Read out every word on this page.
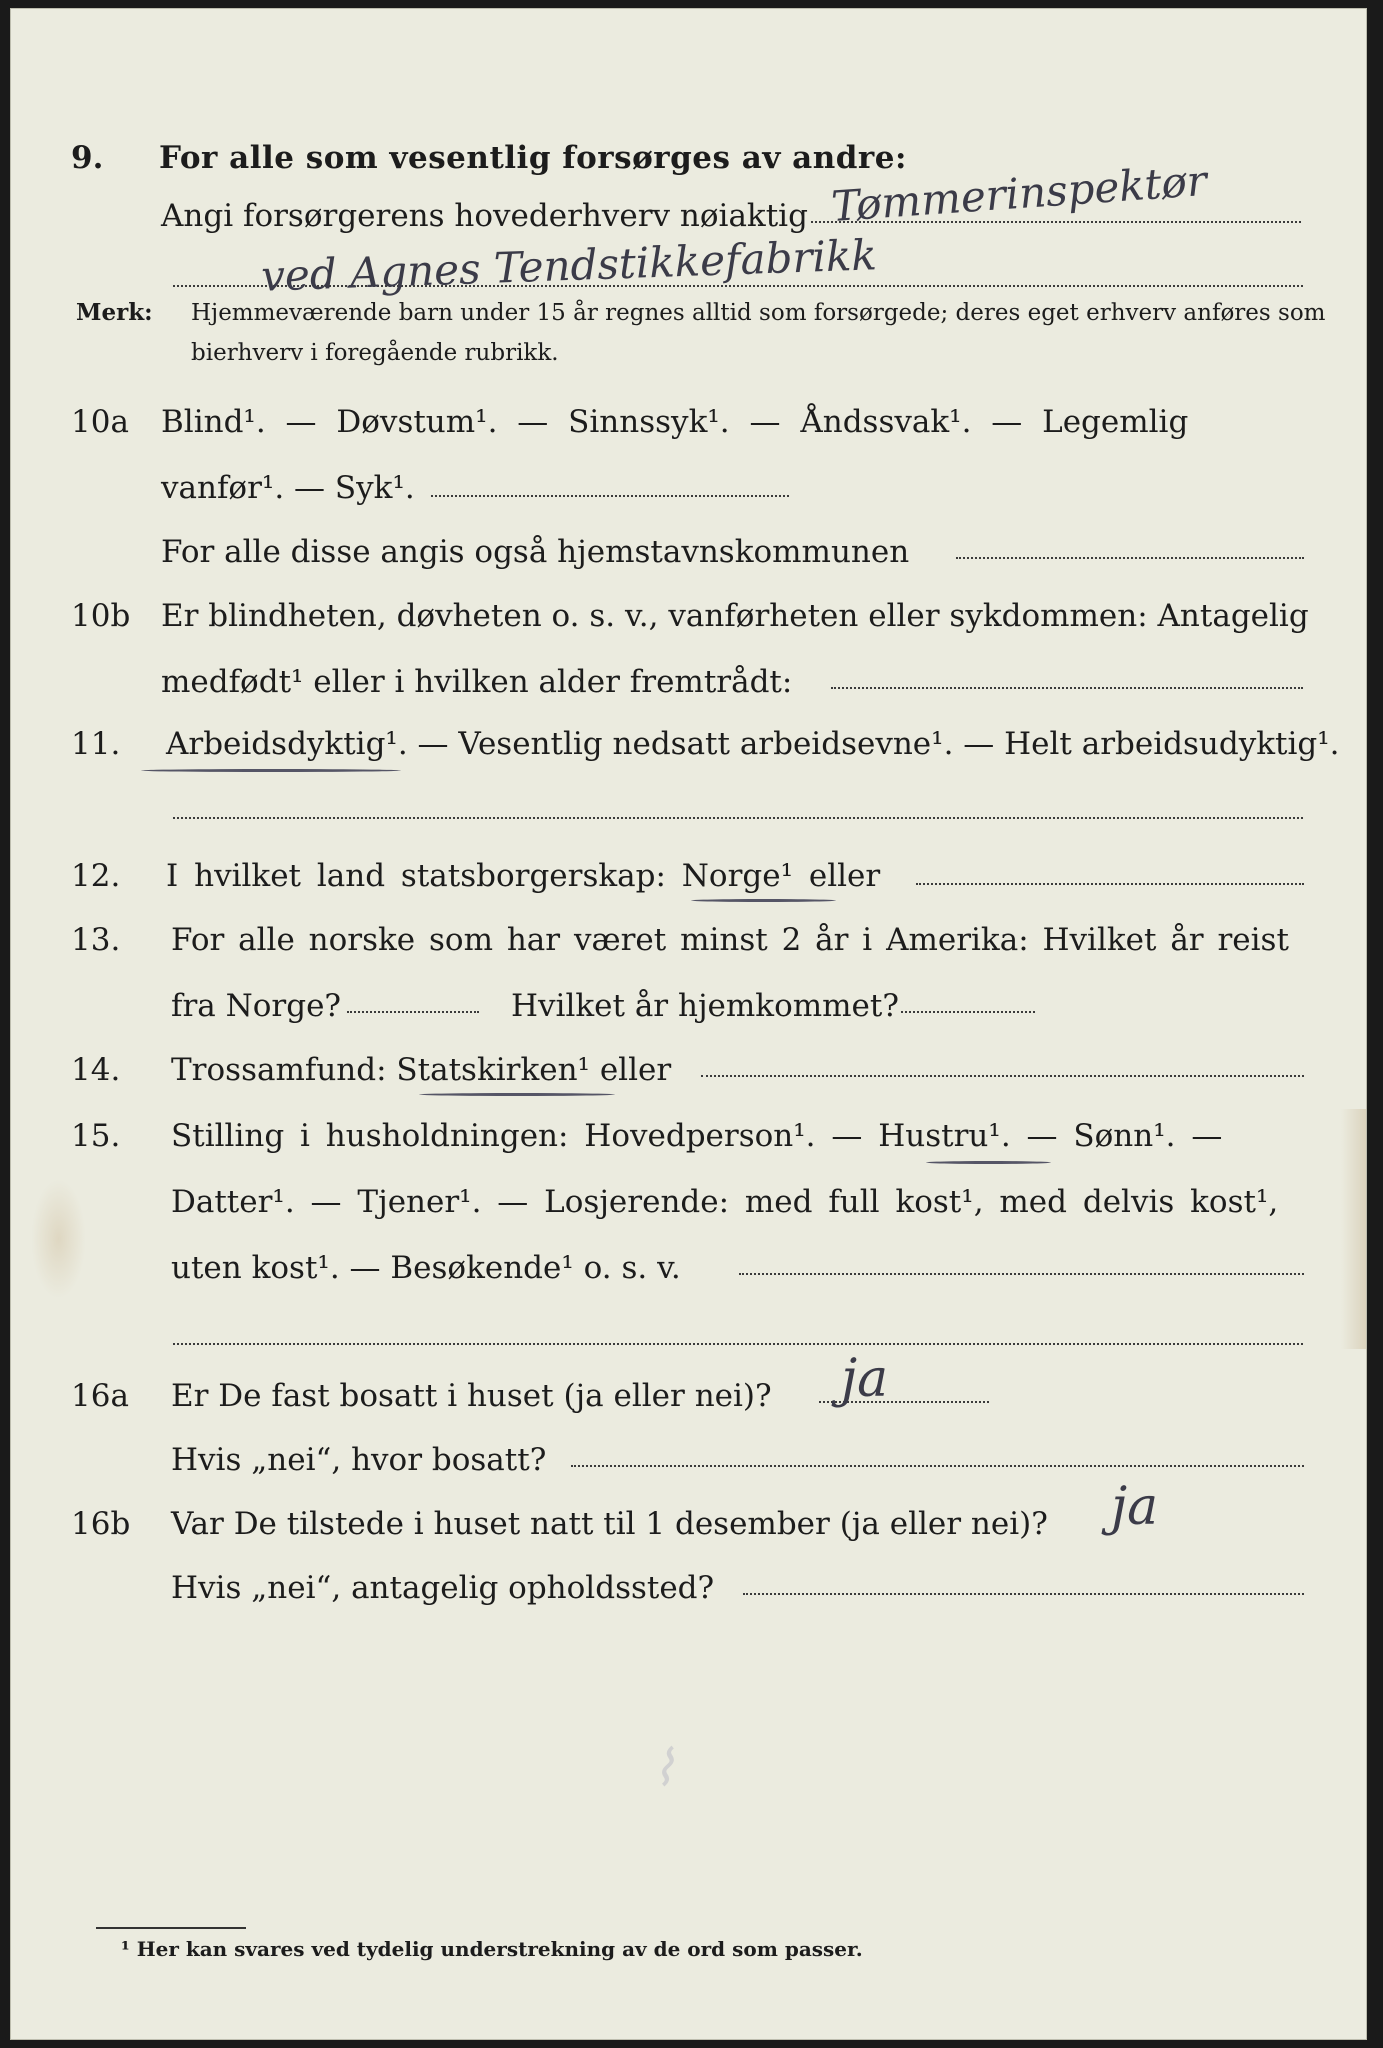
9.	For alle som vesentlig forsørges av andre:
Angi forsørgerens hovederhverv nøiaktig Tømmerinspektør
ved Agnes Tendstikkefabrikk
Merk: Hjemmeværende barn under 15 år regnes alltid som forsørgede; deres eget erhverv anføres som bierhverv i foregående rubrikk.
10a	Blind¹. — Døvstum¹. — Sinnssyk¹. — Åndssvak¹. — Legemlig
vanfør¹. — Syk¹.
For alle disse angis også hjemstavnskommunen
10b Er blindheten, døvheten o. s. v., vanførheten eller sykdommen: Antagelig
medfødt¹ eller i hvilken alder fremtrådt:
11.	Arbeidsdyktig¹. — Vesentlig nedsatt arbeidsevne¹. — Helt arbeidsudyktig¹.
12.	I hvilket land statsborgerskap: Norge¹ eller
13.	For alle norske som har været minst 2 år i Amerika: Hvilket år reist
fra Norge?	Hvilket år hjemkommet?
14.	Trossamfund: Statskirken¹ eller
15.	Stilling i husholdningen: Hovedperson¹. — Hustru¹. — Sønn¹. —
Datter¹. — Tjener¹. — Losjerende: med full kost¹, med delvis kost¹,
uten kost¹. — Besøkende¹ o. s. v.
16a	Er De fast bosatt i huset (ja eller nei)?	ja
Hvis „nei“, hvor bosatt?
16b	Var De tilstede i huset natt til 1 desember (ja eller nei)?	ja
Hvis „nei“, antagelig opholdssted?
⌇
¹ Her kan svares ved tydelig understrekning av de ord som passer.
